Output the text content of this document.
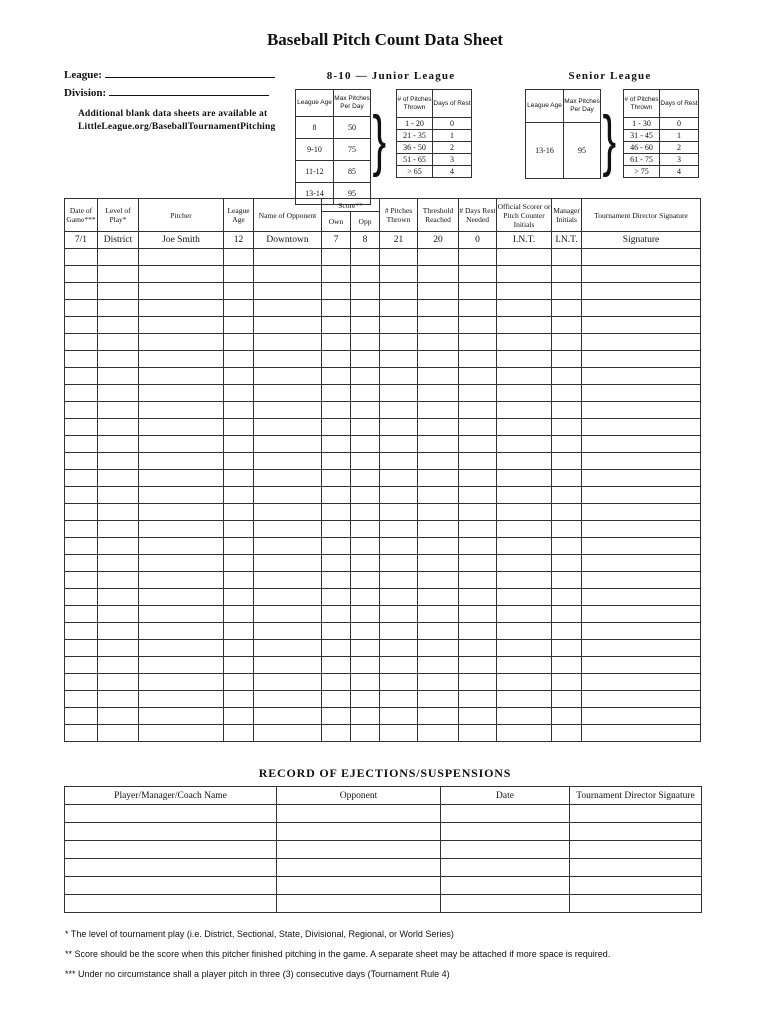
Baseball Pitch Count Data Sheet
League:
Division:
Additional blank data sheets are available at
LittleLeague.org/BaseballTournamentPitching
8-10 — Junior League
League Age	Max Pitches Per Day
8	50
9-10	75
11-12	85
13-14	95
}
# of Pitches Thrown	Days of Rest
1 - 20	0
21 - 35	1
36 - 50	2
51 - 65	3
> 65	4
Senior League
League Age	Max Pitches Per Day
13-16	95 }
# of Pitches Thrown	Days of Rest
1 - 30	0
31 - 45	1
46 - 60	2
61 - 75	3
> 75	4
Date of Game***	Level of Play*	Pitcher	League Age	Name of Opponent	Score**		# Pitches Thrown	Threshold Reached	# Days Rest Needed	Official Scorer or Pitch Counter Initials	Manager Initials	Tournament Director Signature
					Own	Opp						
7/1	District	Joe Smith	12	Downtown	7	8	21	20	0	I.N.T.	I.N.T.	Signature

RECORD OF EJECTIONS/SUSPENSIONS
Player/Manager/Coach Name	Opponent	Date	Tournament Director Signature

* The level of tournament play (i.e. District, Sectional, State, Divisional, Regional, or World Series)
** Score should be the score when this pitcher finished pitching in the game. A separate sheet may be attached if more space is required.
*** Under no circumstance shall a player pitch in three (3) consecutive days (Tournament Rule 4)
